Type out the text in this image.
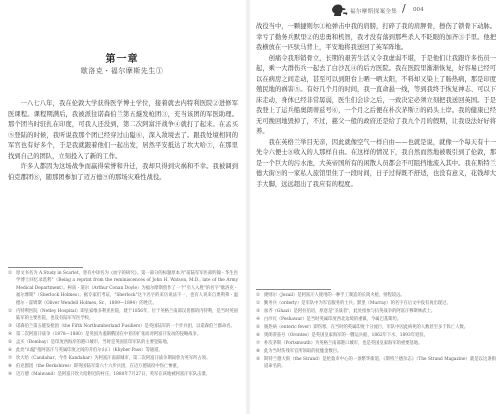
第一章
歇洛克・福尔摩斯先生①

一八七八年，我在伦敦大学获得医学博士学位，接着就去内特利医院②进修军医课程。课程期满后，我被派往诺森伯兰第五燧发枪团③，充当该团的军医助理。那个团当时驻扎在印度，可我人还没到，第二次阿富汗战争④就打了起来。在孟买⑤登陆的时候，我听说我那个团已经穿过山隘⑥，深入敌境去了。跟我处境相同的军官也有好多个，于是我就跟着他们一起出发，居然平安抵达了坎大哈⑦，在那里找到自己的团队，立刻投入了新的工作。

许多人都因为这场战争而赢得荣誉和升迁，我却只得到灾祸和不幸。我被调到伯克郡团⑧，随那团参加了迈万德⑨的那场灾难性战役。

① 原文书名为 A Study in Scarlet，曾有中译名为《血字的研究》。第一部分的标题原本为"前陆军军医部约翰・华生医学博士回忆录选粹"（Being a reprint from the reminiscences of John H. Watson, M.D., late of the Army Medical Department）。柯南・道尔（Arthur Conan Doyle）为福尔摩斯创作了一个"引人入胜"的名字"歇洛克・福尔摩斯"（Sherlock Holmes）。据专家们考证，"Sherlock"这个名字的来历说法不一，也有人说来自奥利弗・温德尔・霍姆斯（Oliver Wendell Holmes, Sr.，1809—1894）的姓氏。
② 内特利医院（Netley Hospital）即皇家维多利亚医院，建于1856年，位于英格兰南部汉普郡的内特利，是当时英国陆军的主要医院，也设有陆军军医学校。
③ 诺森伯兰第五燧发枪团（the Fifth Northumberland Fusiliers）是英国陆军的一个步兵团，以诺森伯兰郡命名。
④ 第二次阿富汗战争（1878—1880）是英国为遏制俄国在中亚的扩张而对阿富汗发动的侵略战争。
⑤ 孟买（Bombay）是印度西海岸的港口城市，当时是英国驻印军队的主要登陆地。
⑥ 此处"山隘"指阿富汗与英属印度之间的开伯尔山口（Khyber Pass）等通道。
⑦ 坎大哈（Candahar，今作 Kandahar）为阿富汗南部城市，第二次阿富汗战争期间曾为英军所占领。
⑧ 伯克郡团（the Berkshires）即英国陆军第六十六步兵团，在迈万德战役中伤亡惨重。
⑨ 迈万德（Maiwand）是阿富汗坎大哈附近的村庄。1880年7月27日，英军在该地被阿富汗军队击溃。
福尔摩斯探案全集 / 004

战役当中，一颗捷则尔①枪弹击中我的肩膀，打碎了我的肩胛骨，擦伤了锁骨下动脉。幸亏了勤务兵默里②的忠勇和机智，我才没有落到那些杀人不眨眼的加齐③手里。他把我横放在一匹驮马背上，平安地将我送回了英军阵地。

创痛令我形销骨立，长期的艰苦生活又令我虚弱不堪，于是他们让我跟许多伤员一起，乘一大群伤兵一起去了白沙瓦④的后方医院。我在医院里渐渐恢复，好容易已经可以在病房之间走动，甚至可以到阳台上晒一晒太阳，不料却又染上了肠热病，那是印度殖民地的祸害⑤。有好几个月的时间，我一直命悬一线，等到我终于恢复神志、可以下床走动，身体已经非常孱弱，医生们会诊之后，一致决定必须立刻把我送回英国。于是我登上了运兵船奥朗蒂兹号⑥，一个月之后便在朴次茅斯⑦的码头上岸。我的健康已经无可挽回地毁掉了，不过，慈父一般的政府还是给了我九个月的假期，让我设法好好将养。

我在英格兰举目无亲，因此就像空气一样自由——也就是说，就像一个每天有十一先令六便士⑧收入的人那样自由。在这样的情况下，我自然而然地被吸引到了伦敦，那是一个巨大的污水池，大英帝国所有的闲散人员都会不可阻挡地流入其中。我在斯特兰德大街⑨的一家私人旅馆里住了一段时间，日子过得既不舒适，也没有意义，花钱却大手大脚，远远超出了我应有的程度。

① 捷则尔（Jezail）是阿富汗人使用的一种手工制造的长筒火枪，射程较远。
② 勤务兵（orderly）是军队中为军官服务的士兵。默里（Murray）的名字在后文中没有再出现过。
③ 加齐（Ghazi）是阿拉伯语，原意是"圣战者"，此处指参与抗英战争的阿富汗穆斯林武士。
④ 白沙瓦（Peshawar）是当时英属印度西北边境的重镇，今属巴基斯坦。
⑤ 肠热病（enteric fever）即伤寒，在当时的英属印度十分流行，军队中因此病死的人数甚至多于阵亡人数。
⑥ 奥朗蒂兹号（Orontes）是英国皇家海军的一艘运兵船，1862年下水，1893年退役。
⑦ 朴次茅斯（Portsmouth）为英格兰南部港口城市，也是英国皇家海军的重要基地。
⑧ 此为当时伤残军官所领取的抚恤金数目。
⑨ 斯特兰德大街（the Strand）是伦敦市中心的一条繁华街道，《斯特兰德杂志》（The Strand Magazine）就是以这条街道命名的。
